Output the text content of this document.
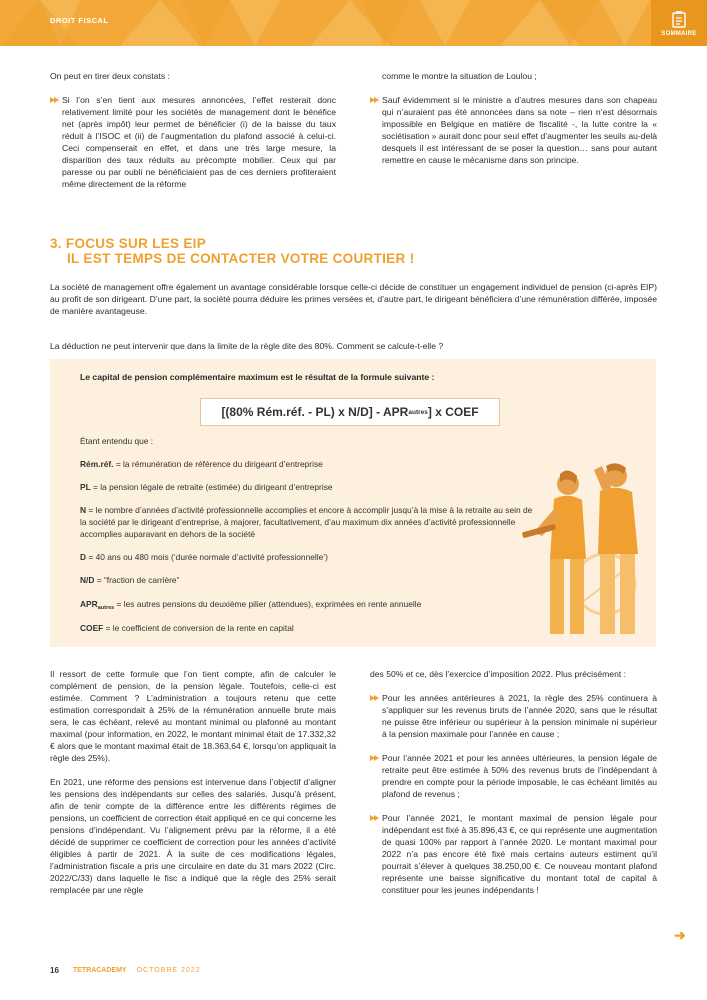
DROIT FISCAL
SOMMAIRE

On peut en tirer deux constats :

Si l’on s’en tient aux mesures annoncées, l’effet resterait donc relativement limité pour les sociétés de management dont le bénéfice net (après impôt) leur permet de bénéficier (i) de la baisse du taux réduit à l’ISOC et (ii) de l’augmentation du plafond associé à celui-ci. Ceci compenserait en effet, et dans une très large mesure, la disparition des taux réduits au précompte mobilier. Ceux qui par paresse ou par oubli ne bénéficiaient pas de ces derniers profiteraient même directement de la réforme

comme le montre la situation de Loulou ;

Sauf évidemment si le ministre a d’autres mesures dans son chapeau qui n’auraient pas été annoncées dans sa note – rien n’est désormais impossible en Belgique en matière de fiscalité -, la lutte contre la « sociétisation » aurait donc pour seul effet d’augmenter les seuils au-delà desquels il est intéressant de se poser la question… sans pour autant remettre en cause le mécanisme dans son principe.

3. FOCUS SUR LES EIP
IL EST TEMPS DE CONTACTER VOTRE COURTIER !
La société de management offre également un avantage considérable lorsque celle-ci décide de constituer un engagement individuel de pension (ci-après EIP) au profit de son dirigeant. D’une part, la société pourra déduire les primes versées et, d’autre part, le dirigeant bénéficiera d’une rémunération différée, imposée de manière avantageuse.
La déduction ne peut intervenir que dans la limite de la règle dite des 80%. Comment se calcule-t-elle ?
Le capital de pension complémentaire maximum est le résultat de la formule suivante :
[(80% Rém.réf. - PL) x N/D] - APR autres ] x COEF
Étant entendu que :
Rém.réf. = la rémunération de référence du dirigeant d’entreprise
PL = la pension légale de retraite (estimée) du dirigeant d’entreprise
N = le nombre d’années d’activité professionnelle accomplies et encore à accomplir jusqu’à la mise à la retraite au sein de la société par le dirigeant d’entreprise, à majorer, facultativement, d’au maximum dix années d’activité professionnelle accomplies auparavant en dehors de la société
D = 40 ans ou 480 mois (‘durée normale d’activité professionnelle’)
N/D = “fraction de carrière”
$APR_{autres}$ = les autres pensions du deuxième pilier (attendues), exprimées en rente annuelle
COEF = le coefficient de conversion de la rente en capital

Il ressort de cette formule que l’on tient compte, afin de calculer le complément de pension, de la pension légale. Toutefois, celle-ci est estimée. Comment ? L’administration a toujours retenu que cette estimation correspondait à 25% de la rémunération annuelle brute mais sera, le cas échéant, relevé au montant minimal ou plafonné au montant maximal (pour information, en 2022, le montant minimal était de 17.332,32 € alors que le montant maximal était de 18.363,64 €, lorsqu’on appliquait la règle des 25%).

En 2021, une réforme des pensions est intervenue dans l’objectif d’aligner les pensions des indépendants sur celles des salariés. Jusqu’à présent, afin de tenir compte de la différence entre les différents régimes de pensions, un coefficient de correction était appliqué en ce qui concerne les pensions d’indépendant. Vu l’alignement prévu par la réforme, il a été décidé de supprimer ce coefficient de correction pour les années d’activité éligibles à partir de 2021. À la suite de ces modifications légales, l’administration fiscale a pris une circulaire en date du 31 mars 2022 (Circ. 2022/C/33) dans laquelle le fisc a indiqué que la règle des 25% serait remplacée par une règle

des 50% et ce, dès l’exercice d’imposition 2022. Plus précisément :

Pour les années antérieures à 2021, la règle des 25% continuera à s’appliquer sur les revenus bruts de l’année 2020, sans que le résultat ne puisse être inférieur ou supérieur à la pension minimale ni supérieur à la pension maximale pour l’année en cause ;

Pour l’année 2021 et pour les années ultérieures, la pension légale de retraite peut être estimée à 50% des revenus bruts de l’indépendant à prendre en compte pour la période imposable, le cas échéant limités au plafond de revenus ;

Pour l’année 2021, le montant maximal de pension légale pour indépendant est fixé à 35.896,43 €, ce qui représente une augmentation de quasi 100% par rapport à l’année 2020. Le montant maximal pour 2022 n’a pas encore été fixé mais certains auteurs estiment qu’il pourrait s’élever à quelques 38.250,00 €. Ce nouveau montant plafond représente une baisse significative du montant total de capital à constituer pour les jeunes indépendants !

➜
16 TETRACADEMY OCTOBRE 2022
